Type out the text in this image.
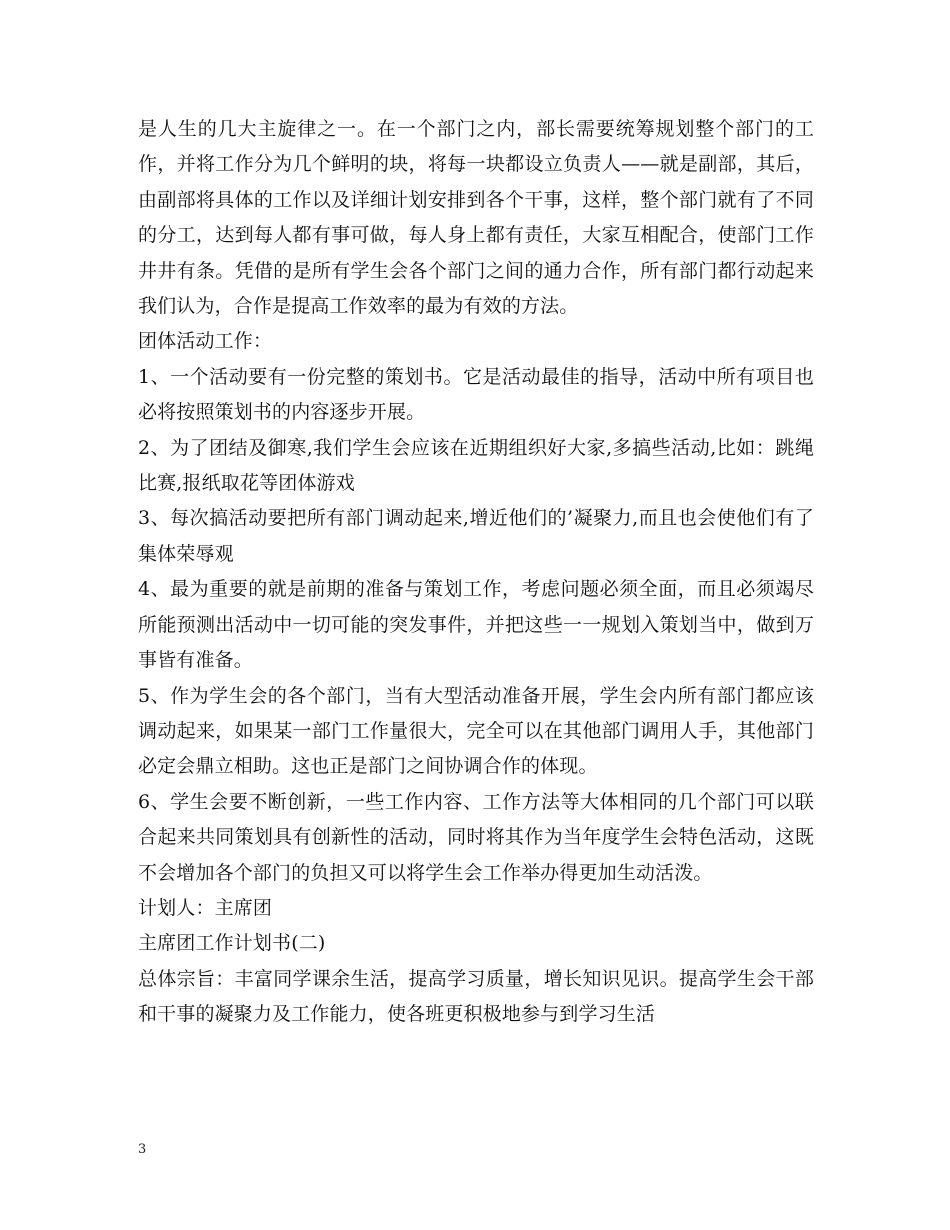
是人生的几大主旋律之一。在一个部门之内，部长需要统筹规划整个部门的工作，并将工作分为几个鲜明的块，将每一块都设立负责人——就是副部，其后，由副部将具体的工作以及详细计划安排到各个干事，这样，整个部门就有了不同的分工，达到每人都有事可做，每人身上都有责任，大家互相配合，使部门工作井井有条。凭借的是所有学生会各个部门之间的通力合作，所有部门都行动起来我们认为，合作是提高工作效率的最为有效的方法。

团体活动工作：

1、一个活动要有一份完整的策划书。它是活动最佳的指导，活动中所有项目也必将按照策划书的内容逐步开展。

2、为了团结及御寒,我们学生会应该在近期组织好大家,多搞些活动,比如：跳绳比赛,报纸取花等团体游戏

3、每次搞活动要把所有部门调动起来,增近他们的’凝聚力,而且也会使他们有了集体荣辱观

4、最为重要的就是前期的准备与策划工作，考虑问题必须全面，而且必须竭尽所能预测出活动中一切可能的突发事件，并把这些一一规划入策划当中，做到万事皆有准备。

5、作为学生会的各个部门，当有大型活动准备开展，学生会内所有部门都应该调动起来，如果某一部门工作量很大，完全可以在其他部门调用人手，其他部门必定会鼎立相助。这也正是部门之间协调合作的体现。

6、学生会要不断创新，一些工作内容、工作方法等大体相同的几个部门可以联合起来共同策划具有创新性的活动，同时将其作为当年度学生会特色活动，这既不会增加各个部门的负担又可以将学生会工作举办得更加生动活泼。

计划人：主席团

主席团工作计划书(二)

总体宗旨：丰富同学课余生活，提高学习质量，增长知识见识。提高学生会干部和干事的凝聚力及工作能力，使各班更积极地参与到学习生活

3
